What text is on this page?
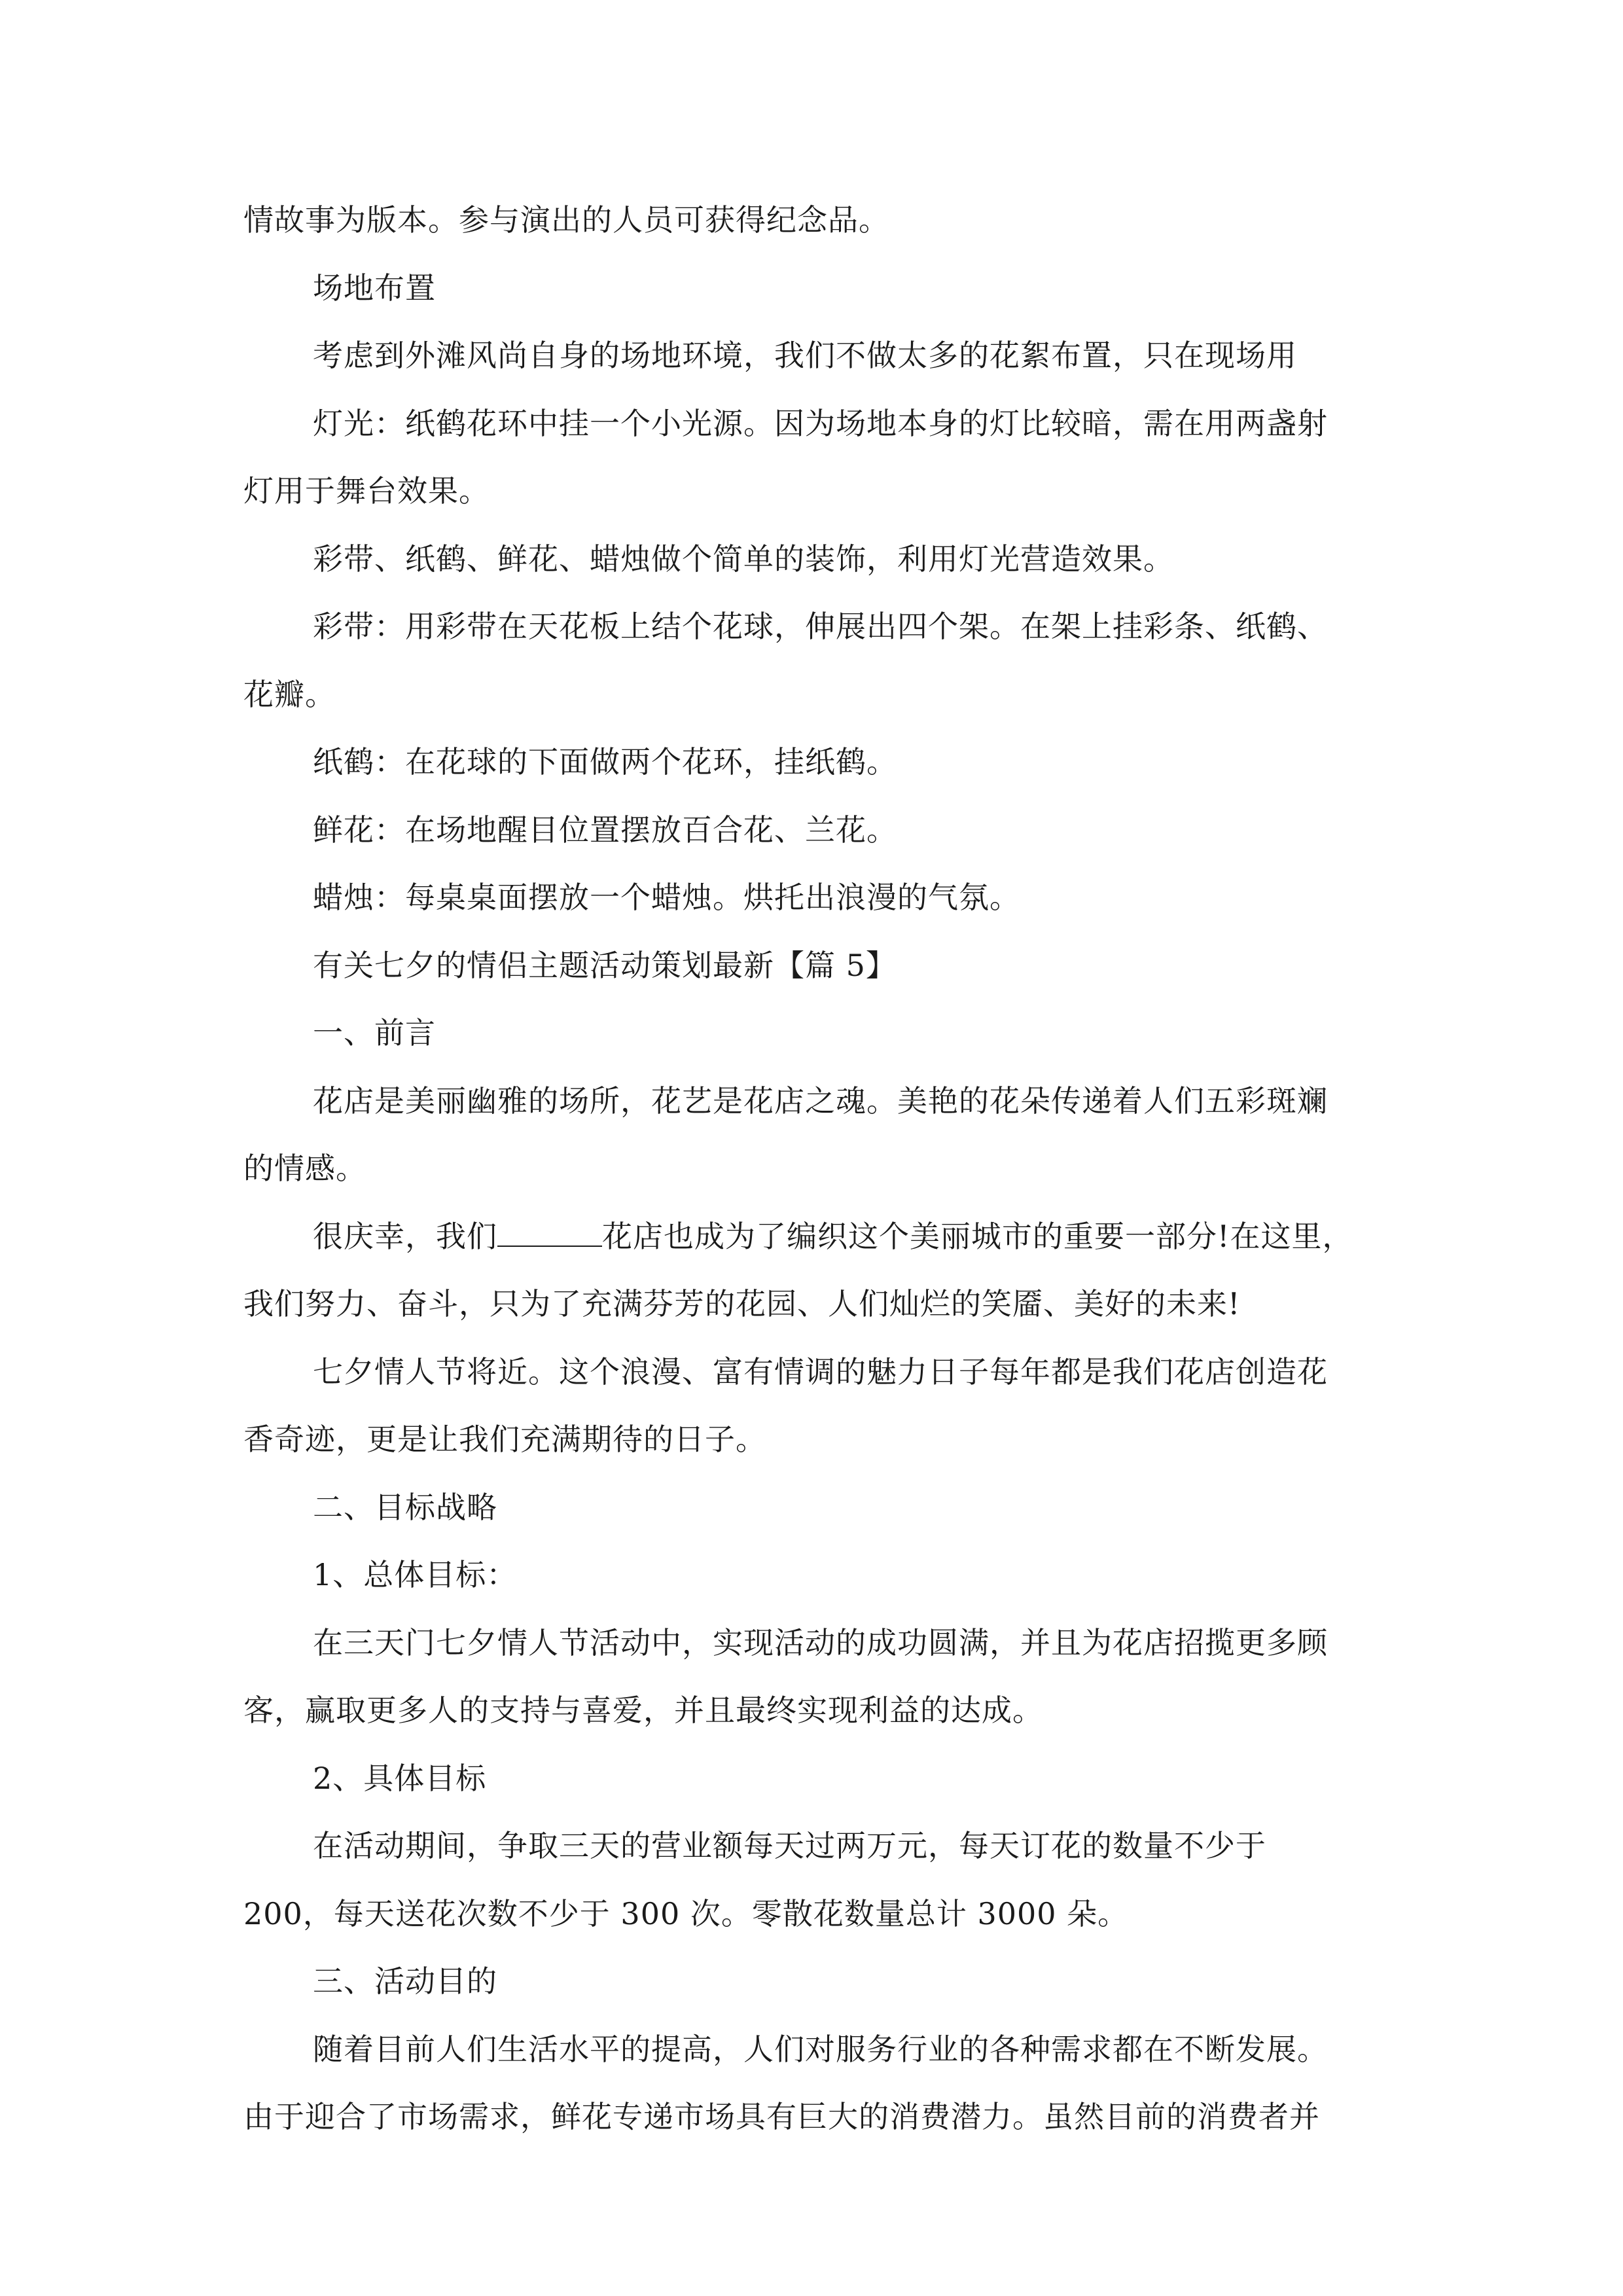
情故事为版本。参与演出的人员可获得纪念品。
场地布置
考虑到外滩风尚自身的场地环境，我们不做太多的花絮布置，只在现场用
灯光：纸鹤花环中挂一个小光源。因为场地本身的灯比较暗，需在用两盏射
灯用于舞台效果。
彩带、纸鹤、鲜花、蜡烛做个简单的装饰，利用灯光营造效果。
彩带：用彩带在天花板上结个花球，伸展出四个架。在架上挂彩条、纸鹤、
花瓣。
纸鹤：在花球的下面做两个花环，挂纸鹤。
鲜花：在场地醒目位置摆放百合花、兰花。
蜡烛：每桌桌面摆放一个蜡烛。烘托出浪漫的气氛。
有关七夕的情侣主题活动策划最新【篇 5】
一、前言
花店是美丽幽雅的场所，花艺是花店之魂。美艳的花朵传递着人们五彩斑斓
的情感。
很庆幸，我们	花店也成为了编织这个美丽城市的重要一部分!在这里，
我们努力、奋斗，只为了充满芬芳的花园、人们灿烂的笑靥、美好的未来!
七夕情人节将近。这个浪漫、富有情调的魅力日子每年都是我们花店创造花
香奇迹，更是让我们充满期待的日子。
二、目标战略
1、总体目标：
在三天门七夕情人节活动中，实现活动的成功圆满，并且为花店招揽更多顾
客，赢取更多人的支持与喜爱，并且最终实现利益的达成。
2、具体目标
在活动期间，争取三天的营业额每天过两万元，每天订花的数量不少于
200，每天送花次数不少于 300 次。零散花数量总计 3000 朵。
三、活动目的
随着目前人们生活水平的提高，人们对服务行业的各种需求都在不断发展。
由于迎合了市场需求，鲜花专递市场具有巨大的消费潜力。虽然目前的消费者并
